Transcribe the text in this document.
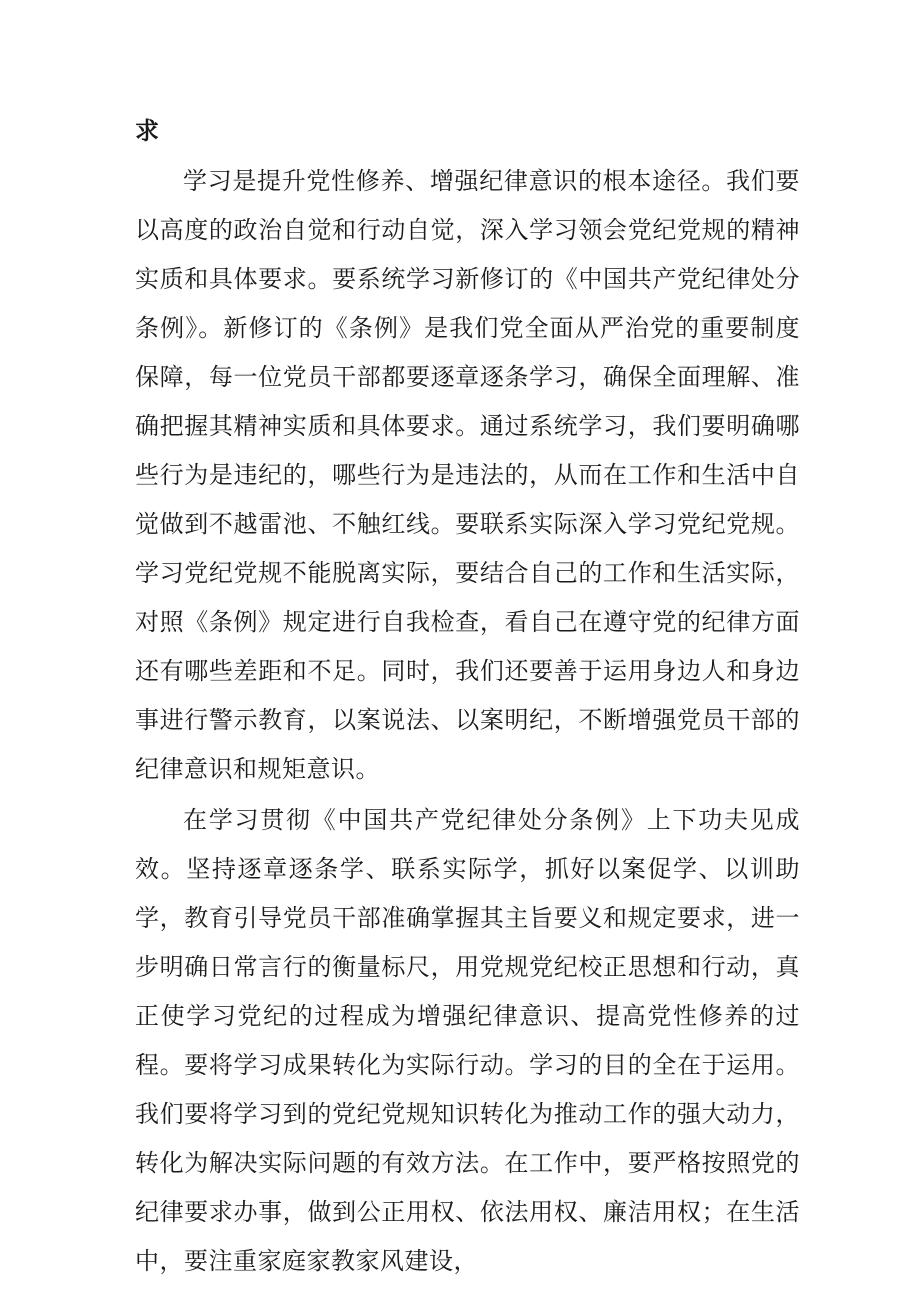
求

学习是提升党性修养、增强纪律意识的根本途径。我们要以高度的政治自觉和行动自觉，深入学习领会党纪党规的精神实质和具体要求。要系统学习新修订的《中国共产党纪律处分条例》。新修订的《条例》是我们党全面从严治党的重要制度保障，每一位党员干部都要逐章逐条学习，确保全面理解、准确把握其精神实质和具体要求。通过系统学习，我们要明确哪些行为是违纪的，哪些行为是违法的，从而在工作和生活中自觉做到不越雷池、不触红线。要联系实际深入学习党纪党规。学习党纪党规不能脱离实际，要结合自己的工作和生活实际，对照《条例》规定进行自我检查，看自己在遵守党的纪律方面还有哪些差距和不足。同时，我们还要善于运用身边人和身边事进行警示教育，以案说法、以案明纪，不断增强党员干部的纪律意识和规矩意识。

在学习贯彻《中国共产党纪律处分条例》上下功夫见成效。坚持逐章逐条学、联系实际学，抓好以案促学、以训助学，教育引导党员干部准确掌握其主旨要义和规定要求，进一步明确日常言行的衡量标尺，用党规党纪校正思想和行动，真正使学习党纪的过程成为增强纪律意识、提高党性修养的过程。要将学习成果转化为实际行动。学习的目的全在于运用。我们要将学习到的党纪党规知识转化为推动工作的强大动力，转化为解决实际问题的有效方法。在工作中，要严格按照党的纪律要求办事，做到公正用权、依法用权、廉洁用权；在生活中，要注重家庭家教家风建设，
